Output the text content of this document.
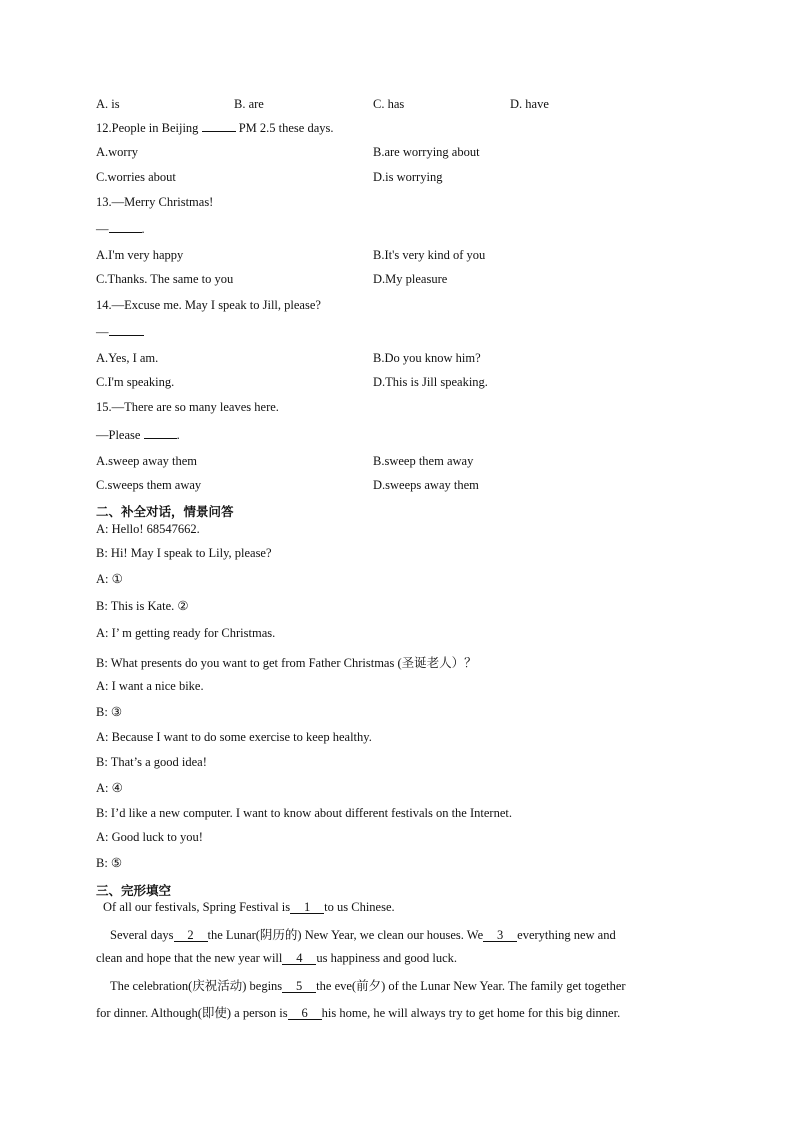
A. is	B. are	C. has	D. have
12.People in Beijing	PM 2.5 these days.
A.worry	B.are worrying about
C.worries about	D.is worrying
13.—Merry Christmas!
—	.
A.I'm very happy	B.It's very kind of you
C.Thanks. The same to you	D.My pleasure
14.—Excuse me. May I speak to Jill, please?
—
A.Yes, I am.	B.Do you know him?
C.I'm speaking.	D.This is Jill speaking.
15.—There are so many leaves here.
—Please	.
A.sweep away them	B.sweep them away
C.sweeps them away	D.sweeps away them
二、补全对话，情景问答
A: Hello! 68547662.
B: Hi! May I speak to Lily, please?
A: ①
B: This is Kate. ②
A: I’ m getting ready for Christmas.
B: What presents do you want to get from Father Christmas (圣诞老人）？
A: I want a nice bike.
B: ③
A: Because I want to do some exercise to keep healthy.
B: That’s a good idea!
A: ④
B: I’d like a new computer. I want to know about different festivals on the Internet.
A: Good luck to you!
B: ⑤
三、完形填空
Of all our festivals, Spring Festival is 1 to us Chinese.
Several days 2 the Lunar(阴历的) New Year, we clean our houses. We 3 everything new and
clean and hope that the new year will 4 us happiness and good luck.
The celebration(庆祝活动) begins 5 the eve(前夕) of the Lunar New Year. The family get together
for dinner. Although(即使) a person is 6 his home, he will always try to get home for this big dinner.
